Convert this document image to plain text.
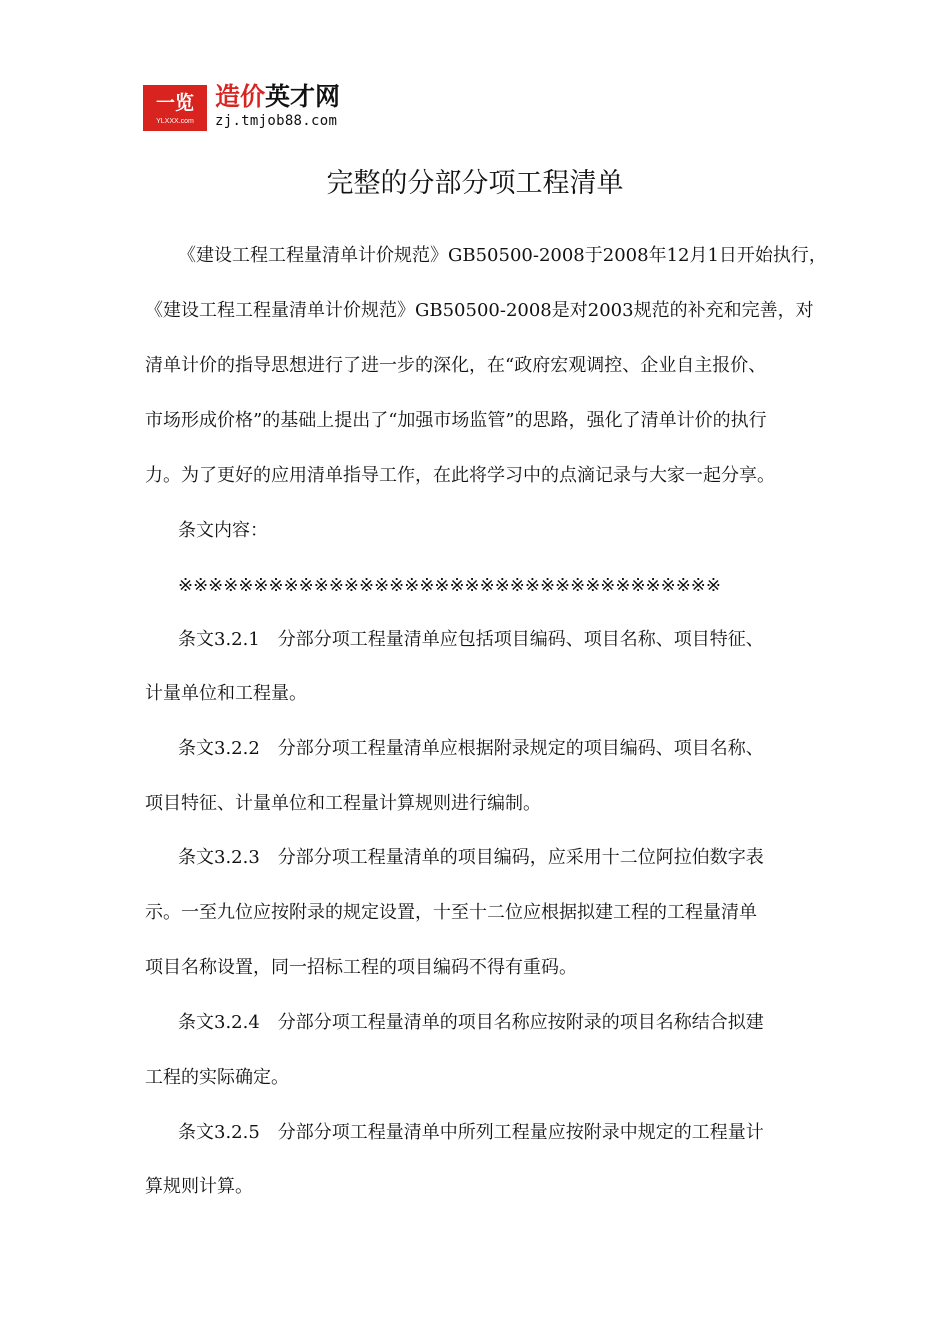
一览
YLXXX.com
造价英才网
zj.tmjob88.com
完整的分部分项工程清单

《建设工程工程量清单计价规范》GB50500-2008于2008年12月1日开始执行，

《建设工程工程量清单计价规范》GB50500-2008是对2003规范的补充和完善，对

清单计价的指导思想进行了进一步的深化，在“政府宏观调控、企业自主报价、

市场形成价格”的基础上提出了“加强市场监管”的思路，强化了清单计价的执行

力。为了更好的应用清单指导工作，在此将学习中的点滴记录与大家一起分享。

条文内容：

※※※※※※※※※※※※※※※※※※※※※※※※※※※※※※※※※※※※

条文3.2.1　分部分项工程量清单应包括项目编码、项目名称、项目特征、

计量单位和工程量。

条文3.2.2　分部分项工程量清单应根据附录规定的项目编码、项目名称、

项目特征、计量单位和工程量计算规则进行编制。

条文3.2.3　分部分项工程量清单的项目编码，应采用十二位阿拉伯数字表

示。一至九位应按附录的规定设置，十至十二位应根据拟建工程的工程量清单

项目名称设置，同一招标工程的项目编码不得有重码。

条文3.2.4　分部分项工程量清单的项目名称应按附录的项目名称结合拟建

工程的实际确定。

条文3.2.5　分部分项工程量清单中所列工程量应按附录中规定的工程量计

算规则计算。
